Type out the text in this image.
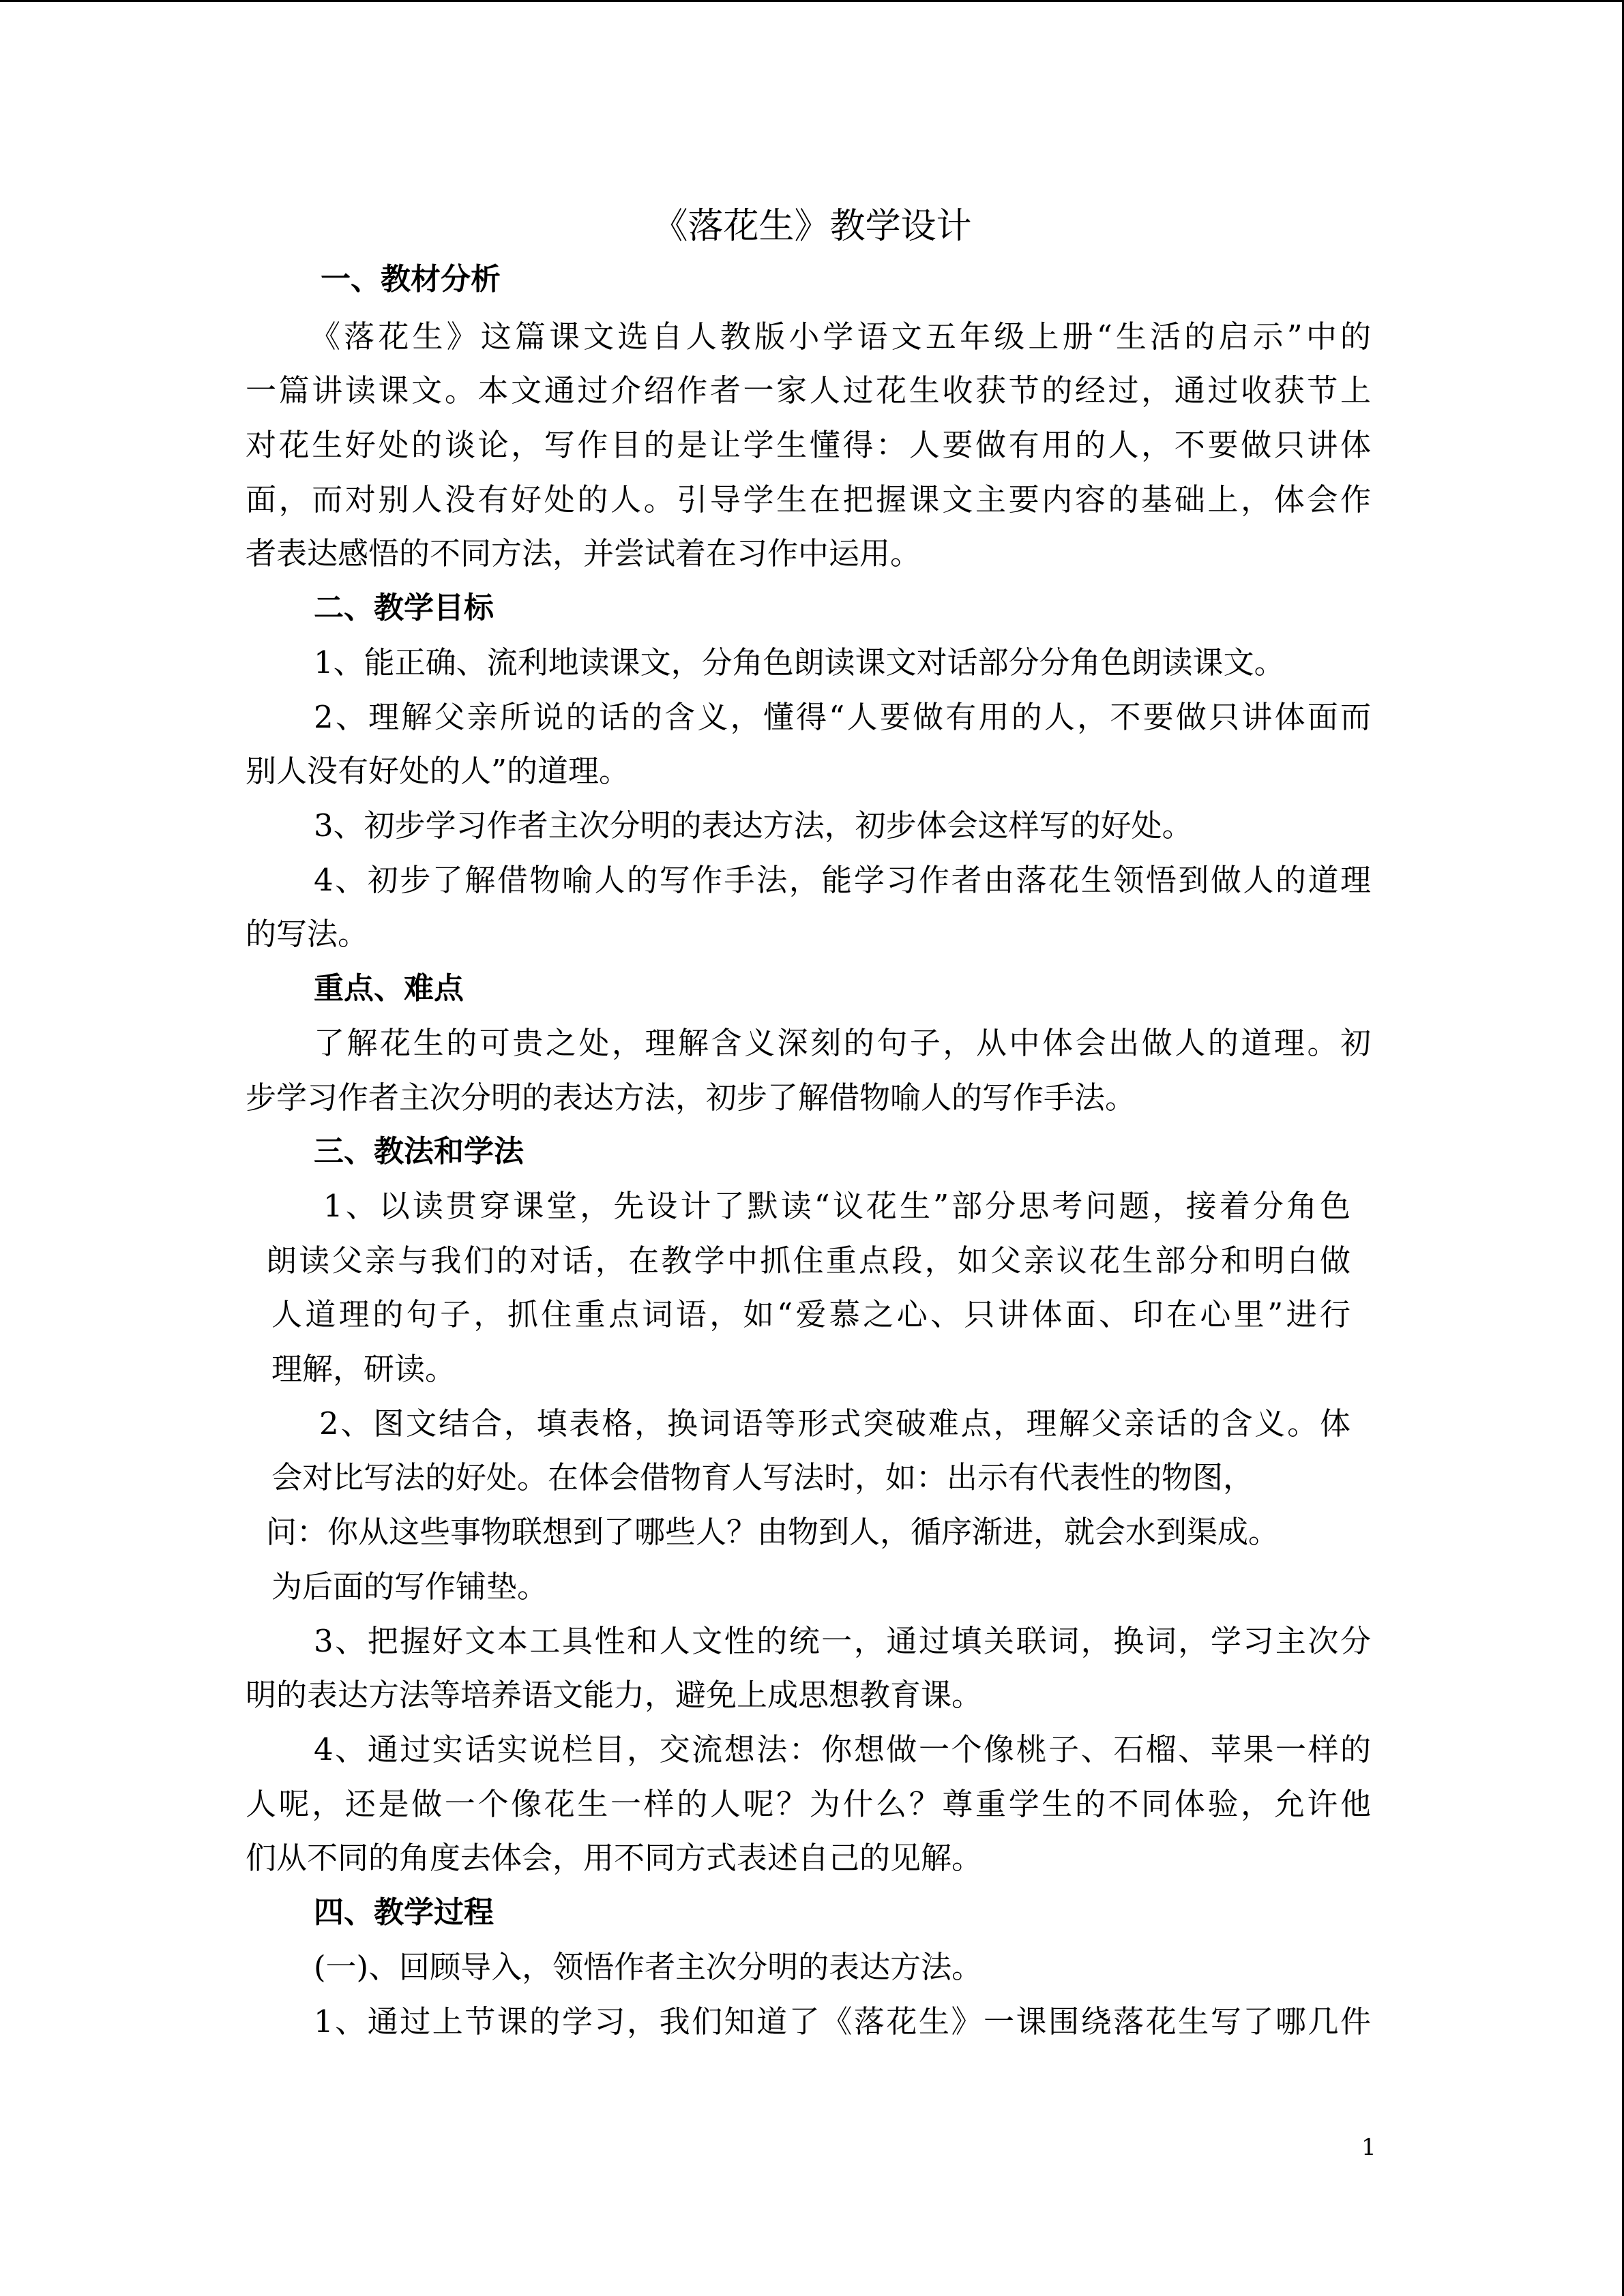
《落花生》教学设计
一、教材分析
《落花生》这篇课文选自人教版小学语文五年级上册“生活的启示”中的
一篇讲读课文。本文通过介绍作者一家人过花生收获节的经过，通过收获节上
对花生好处的谈论，写作目的是让学生懂得：人要做有用的人，不要做只讲体
面，而对别人没有好处的人。引导学生在把握课文主要内容的基础上，体会作
者表达感悟的不同方法，并尝试着在习作中运用。
二、教学目标
1、能正确、流利地读课文，分角色朗读课文对话部分分角色朗读课文。
2、理解父亲所说的话的含义，懂得“人要做有用的人，不要做只讲体面而
别人没有好处的人”的道理。
3、初步学习作者主次分明的表达方法，初步体会这样写的好处。
4、初步了解借物喻人的写作手法，能学习作者由落花生领悟到做人的道理
的写法。
重点、难点
了解花生的可贵之处，理解含义深刻的句子，从中体会出做人的道理。初
步学习作者主次分明的表达方法，初步了解借物喻人的写作手法。
三、教法和学法
1、以读贯穿课堂，先设计了默读“议花生”部分思考问题，接着分角色
朗读父亲与我们的对话，在教学中抓住重点段，如父亲议花生部分和明白做
人道理的句子，抓住重点词语，如“爱慕之心、只讲体面、印在心里”进行
理解，研读。
2、图文结合，填表格，换词语等形式突破难点，理解父亲话的含义。体
会对比写法的好处。在体会借物育人写法时，如：出示有代表性的物图，
问：你从这些事物联想到了哪些人？由物到人，循序渐进，就会水到渠成。
为后面的写作铺垫。
3、把握好文本工具性和人文性的统一，通过填关联词，换词，学习主次分
明的表达方法等培养语文能力，避免上成思想教育课。
4、通过实话实说栏目，交流想法：你想做一个像桃子、石榴、苹果一样的
人呢，还是做一个像花生一样的人呢？为什么？尊重学生的不同体验，允许他
们从不同的角度去体会，用不同方式表述自己的见解。
四、教学过程
(一)、回顾导入，领悟作者主次分明的表达方法。
1、通过上节课的学习，我们知道了《落花生》一课围绕落花生写了哪几件
1
